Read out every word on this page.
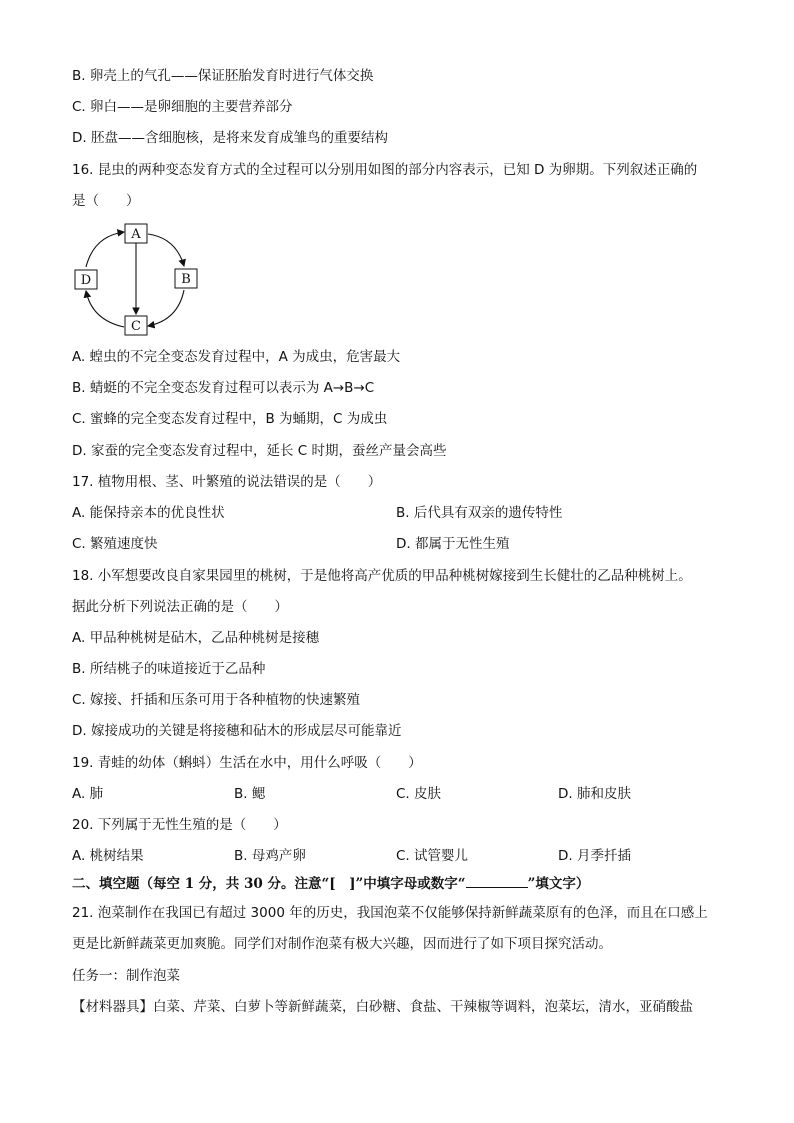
B. 卵壳上的气孔——保证胚胎发育时进行气体交换
C. 卵白——是卵细胞的主要营养部分
D. 胚盘——含细胞核，是将来发育成雏鸟的重要结构
16. 昆虫的两种变态发育方式的全过程可以分别用如图的部分内容表示，已知 D 为卵期。下列叙述正确的
是（　　）
A
B
C
D
A. 蝗虫的不完全变态发育过程中，A 为成虫，危害最大
B. 蜻蜓的不完全变态发育过程可以表示为 A→B→C
C. 蜜蜂的完全变态发育过程中，B 为蛹期，C 为成虫
D. 家蚕的完全变态发育过程中，延长 C 时期，蚕丝产量会高些
17. 植物用根、茎、叶繁殖的说法错误的是（　　）
A. 能保持亲本的优良性状	B. 后代具有双亲的遗传特性
C. 繁殖速度快	D. 都属于无性生殖
18. 小军想要改良自家果园里的桃树，于是他将高产优质的甲品种桃树嫁接到生长健壮的乙品种桃树上。
据此分析下列说法正确的是（　　）
A. 甲品种桃树是砧木，乙品种桃树是接穗
B. 所结桃子的味道接近于乙品种
C. 嫁接、扦插和压条可用于各种植物的快速繁殖
D. 嫁接成功的关键是将接穗和砧木的形成层尽可能靠近
19. 青蛙的幼体（蝌蚪）生活在水中，用什么呼吸（　　）
A. 肺	B. 鳃	C. 皮肤	D. 肺和皮肤
20. 下列属于无性生殖的是（　　）
A. 桃树结果	B. 母鸡产卵	C. 试管婴儿	D. 月季扦插
二、填空题（每空 1 分，共 30 分。注意“[　]”中填字母或数字“	”填文字）
21. 泡菜制作在我国已有超过 3000 年的历史，我国泡菜不仅能够保持新鲜蔬菜原有的色泽，而且在口感上
更是比新鲜蔬菜更加爽脆。同学们对制作泡菜有极大兴趣，因而进行了如下项目探究活动。
任务一：制作泡菜
【材料器具】白菜、芹菜、白萝卜等新鲜蔬菜，白砂糖、食盐、干辣椒等调料，泡菜坛，清水，亚硝酸盐
